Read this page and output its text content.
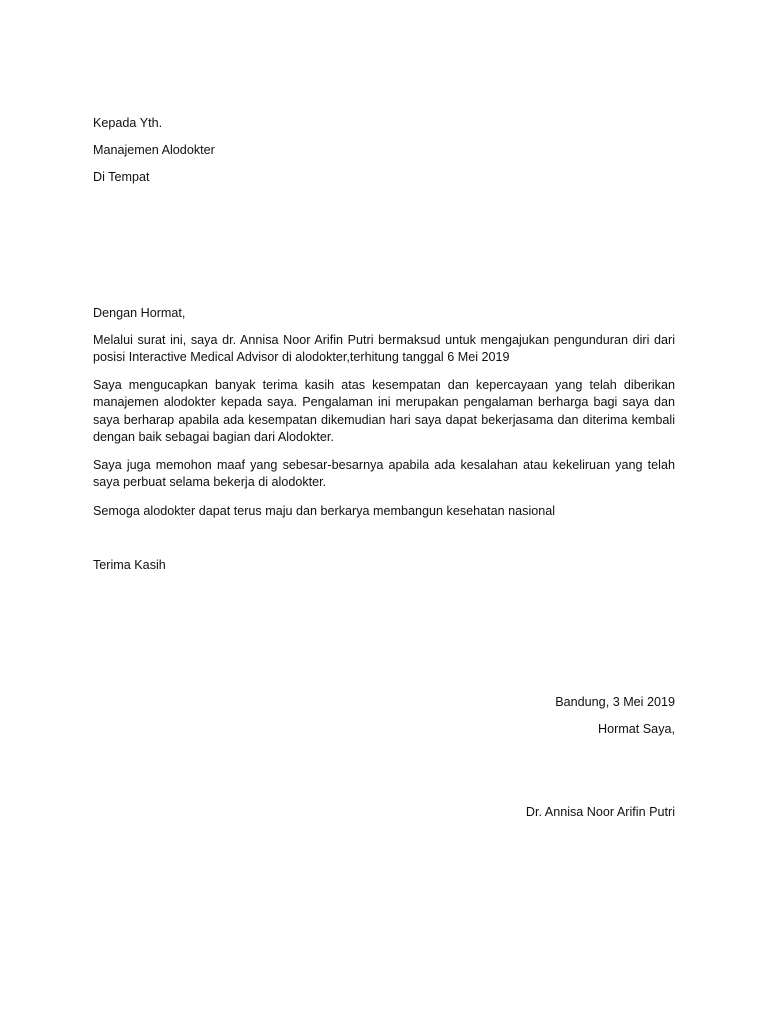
Kepada Yth.

Manajemen Alodokter

Di Tempat

Dengan Hormat,

Melalui surat ini, saya dr. Annisa Noor Arifin Putri bermaksud untuk mengajukan pengunduran diri dari posisi Interactive Medical Advisor di alodokter,terhitung tanggal 6 Mei 2019

Saya mengucapkan banyak terima kasih atas kesempatan dan kepercayaan yang telah diberikan manajemen alodokter kepada saya. Pengalaman ini merupakan pengalaman berharga bagi saya dan saya berharap apabila ada kesempatan dikemudian hari saya dapat bekerjasama dan diterima kembali dengan baik sebagai bagian dari Alodokter.

Saya juga memohon maaf yang sebesar-besarnya apabila ada kesalahan atau kekeliruan yang telah saya perbuat selama bekerja di alodokter.

Semoga alodokter dapat terus maju dan berkarya membangun kesehatan nasional

Terima Kasih

Bandung, 3 Mei 2019
Hormat Saya,
Dr. Annisa Noor Arifin Putri
